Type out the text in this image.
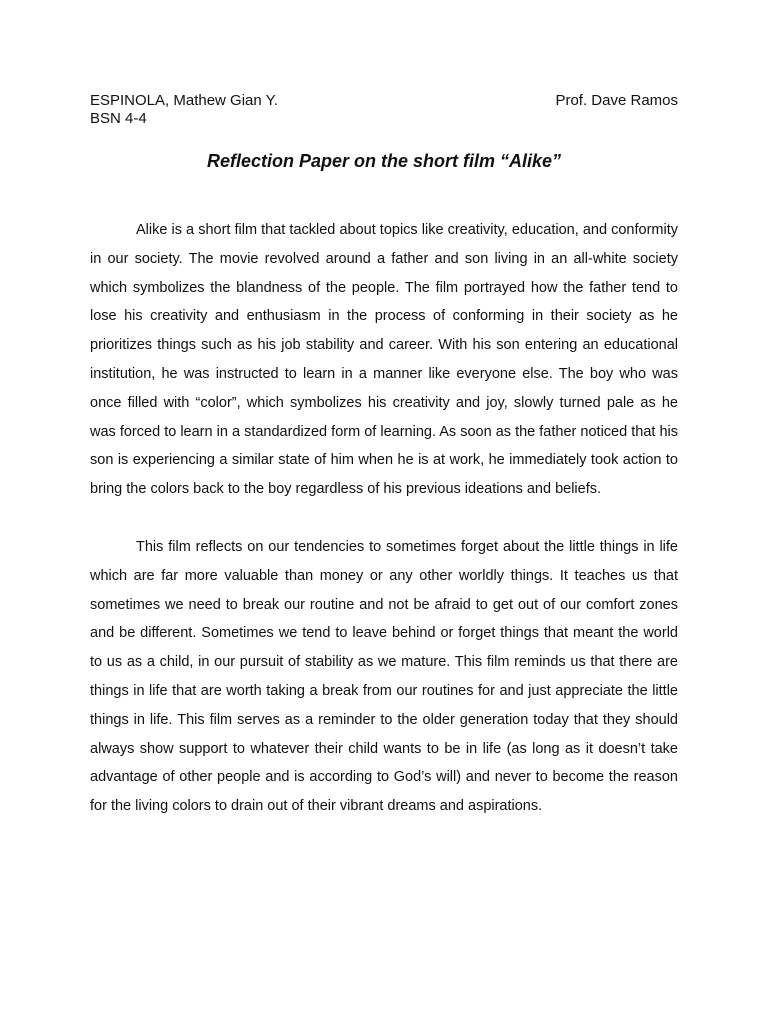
ESPINOLA, Mathew Gian Y.	Prof. Dave Ramos
BSN 4-4
Reflection Paper on the short film “Alike”

Alike is a short film that tackled about topics like creativity, education, and conformity in our society. The movie revolved around a father and son living in an all-white society which symbolizes the blandness of the people. The film portrayed how the father tend to lose his creativity and enthusiasm in the process of conforming in their society as he prioritizes things such as his job stability and career. With his son entering an educational institution, he was instructed to learn in a manner like everyone else. The boy who was once filled with “color”, which symbolizes his creativity and joy, slowly turned pale as he was forced to learn in a standardized form of learning. As soon as the father noticed that his son is experiencing a similar state of him when he is at work, he immediately took action to bring the colors back to the boy regardless of his previous ideations and beliefs.

This film reflects on our tendencies to sometimes forget about the little things in life which are far more valuable than money or any other worldly things. It teaches us that sometimes we need to break our routine and not be afraid to get out of our comfort zones and be different. Sometimes we tend to leave behind or forget things that meant the world to us as a child, in our pursuit of stability as we mature. This film reminds us that there are things in life that are worth taking a break from our routines for and just appreciate the little things in life. This film serves as a reminder to the older generation today that they should always show support to whatever their child wants to be in life (as long as it doesn’t take advantage of other people and is according to God’s will) and never to become the reason for the living colors to drain out of their vibrant dreams and aspirations.
